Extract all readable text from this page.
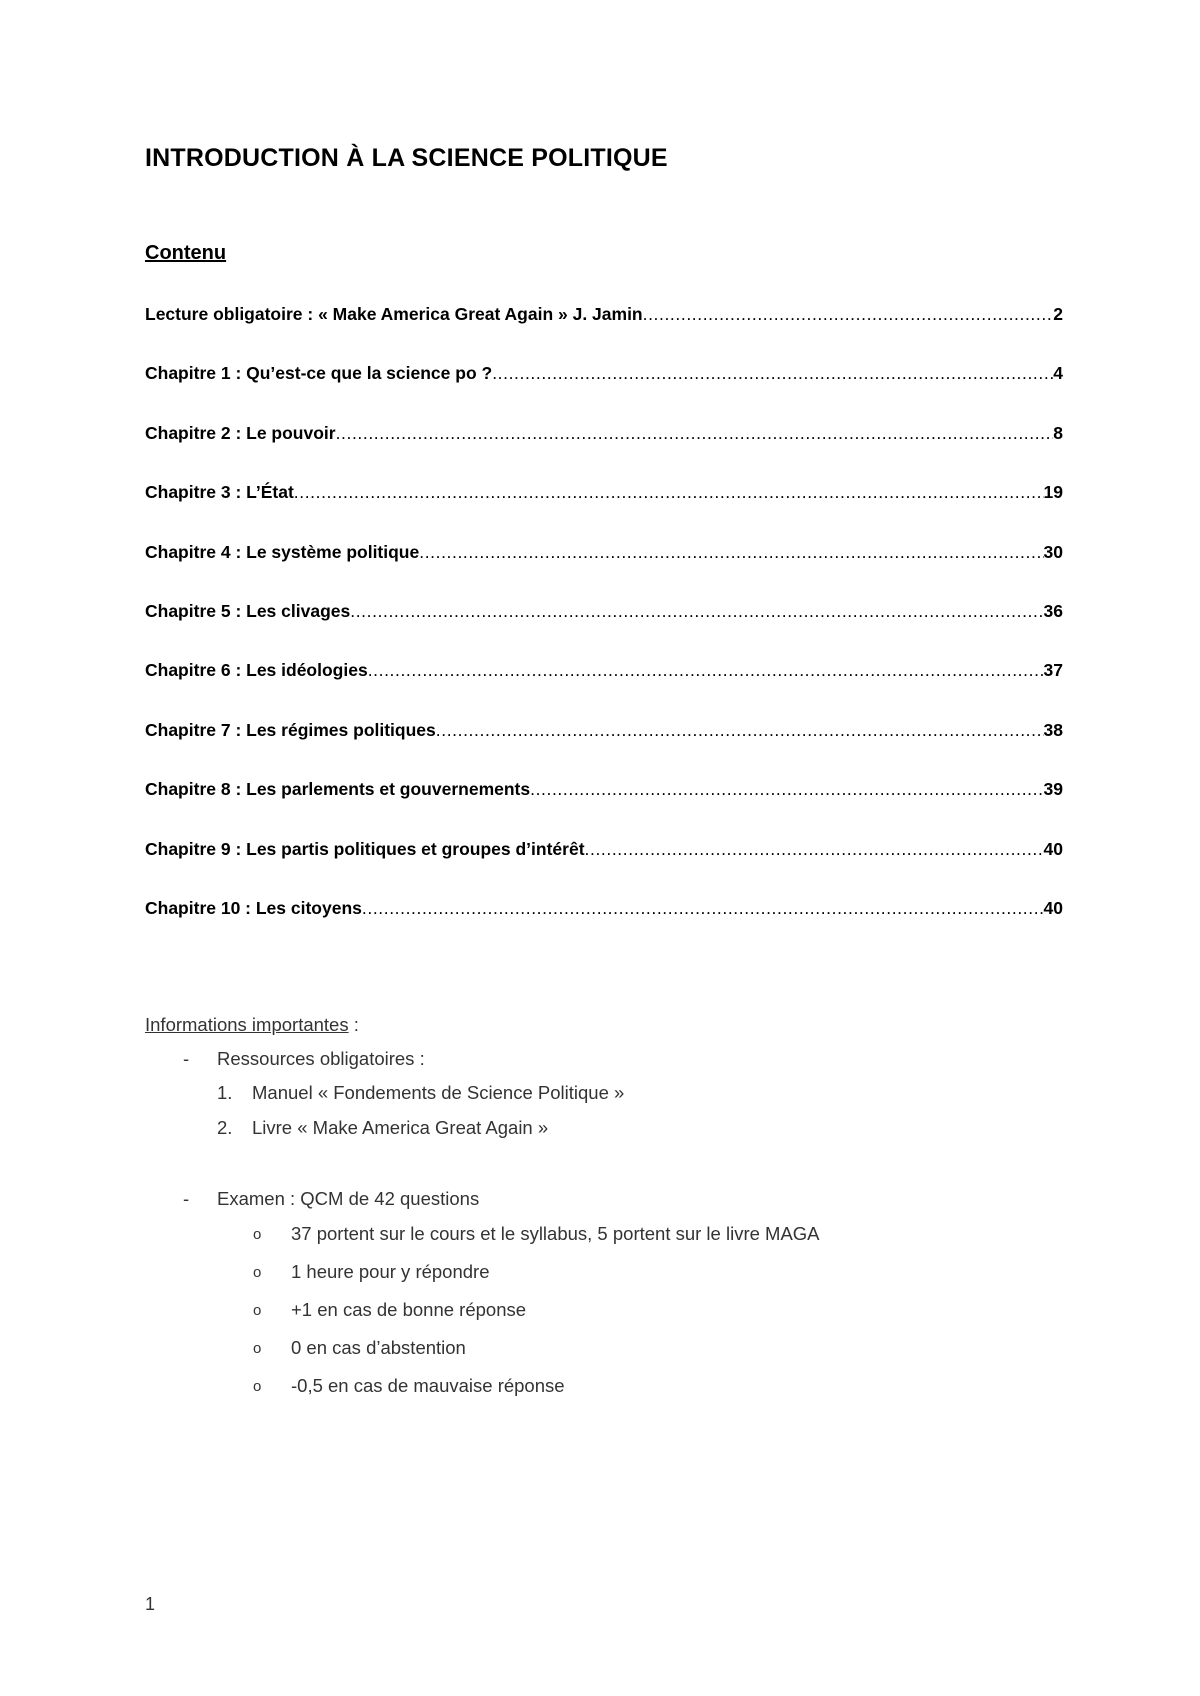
INTRODUCTION À LA SCIENCE POLITIQUE
Contenu
Lecture obligatoire : « Make America Great Again » J. Jamin .....	2
Chapitre 1 : Qu’est-ce que la science po ? .....	4
Chapitre 2 : Le pouvoir .....	8
Chapitre 3 : L’État .....	19
Chapitre 4 : Le système politique .....	30
Chapitre 5 : Les clivages .....	36
Chapitre 6 : Les idéologies .....	37
Chapitre 7 : Les régimes politiques .....	38
Chapitre 8 : Les parlements et gouvernements .....	39
Chapitre 9 : Les partis politiques et groupes d’intérêt .....	40
Chapitre 10 : Les citoyens .....	40

Informations importantes :

- Ressources obligatoires :
1. Manuel « Fondements de Science Politique »
2. Livre « Make America Great Again »
- Examen : QCM de 42 questions
o 37 portent sur le cours et le syllabus, 5 portent sur le livre MAGA
o 1 heure pour y répondre
o +1 en cas de bonne réponse
o 0 en cas d’abstention
o -0,5 en cas de mauvaise réponse
1
